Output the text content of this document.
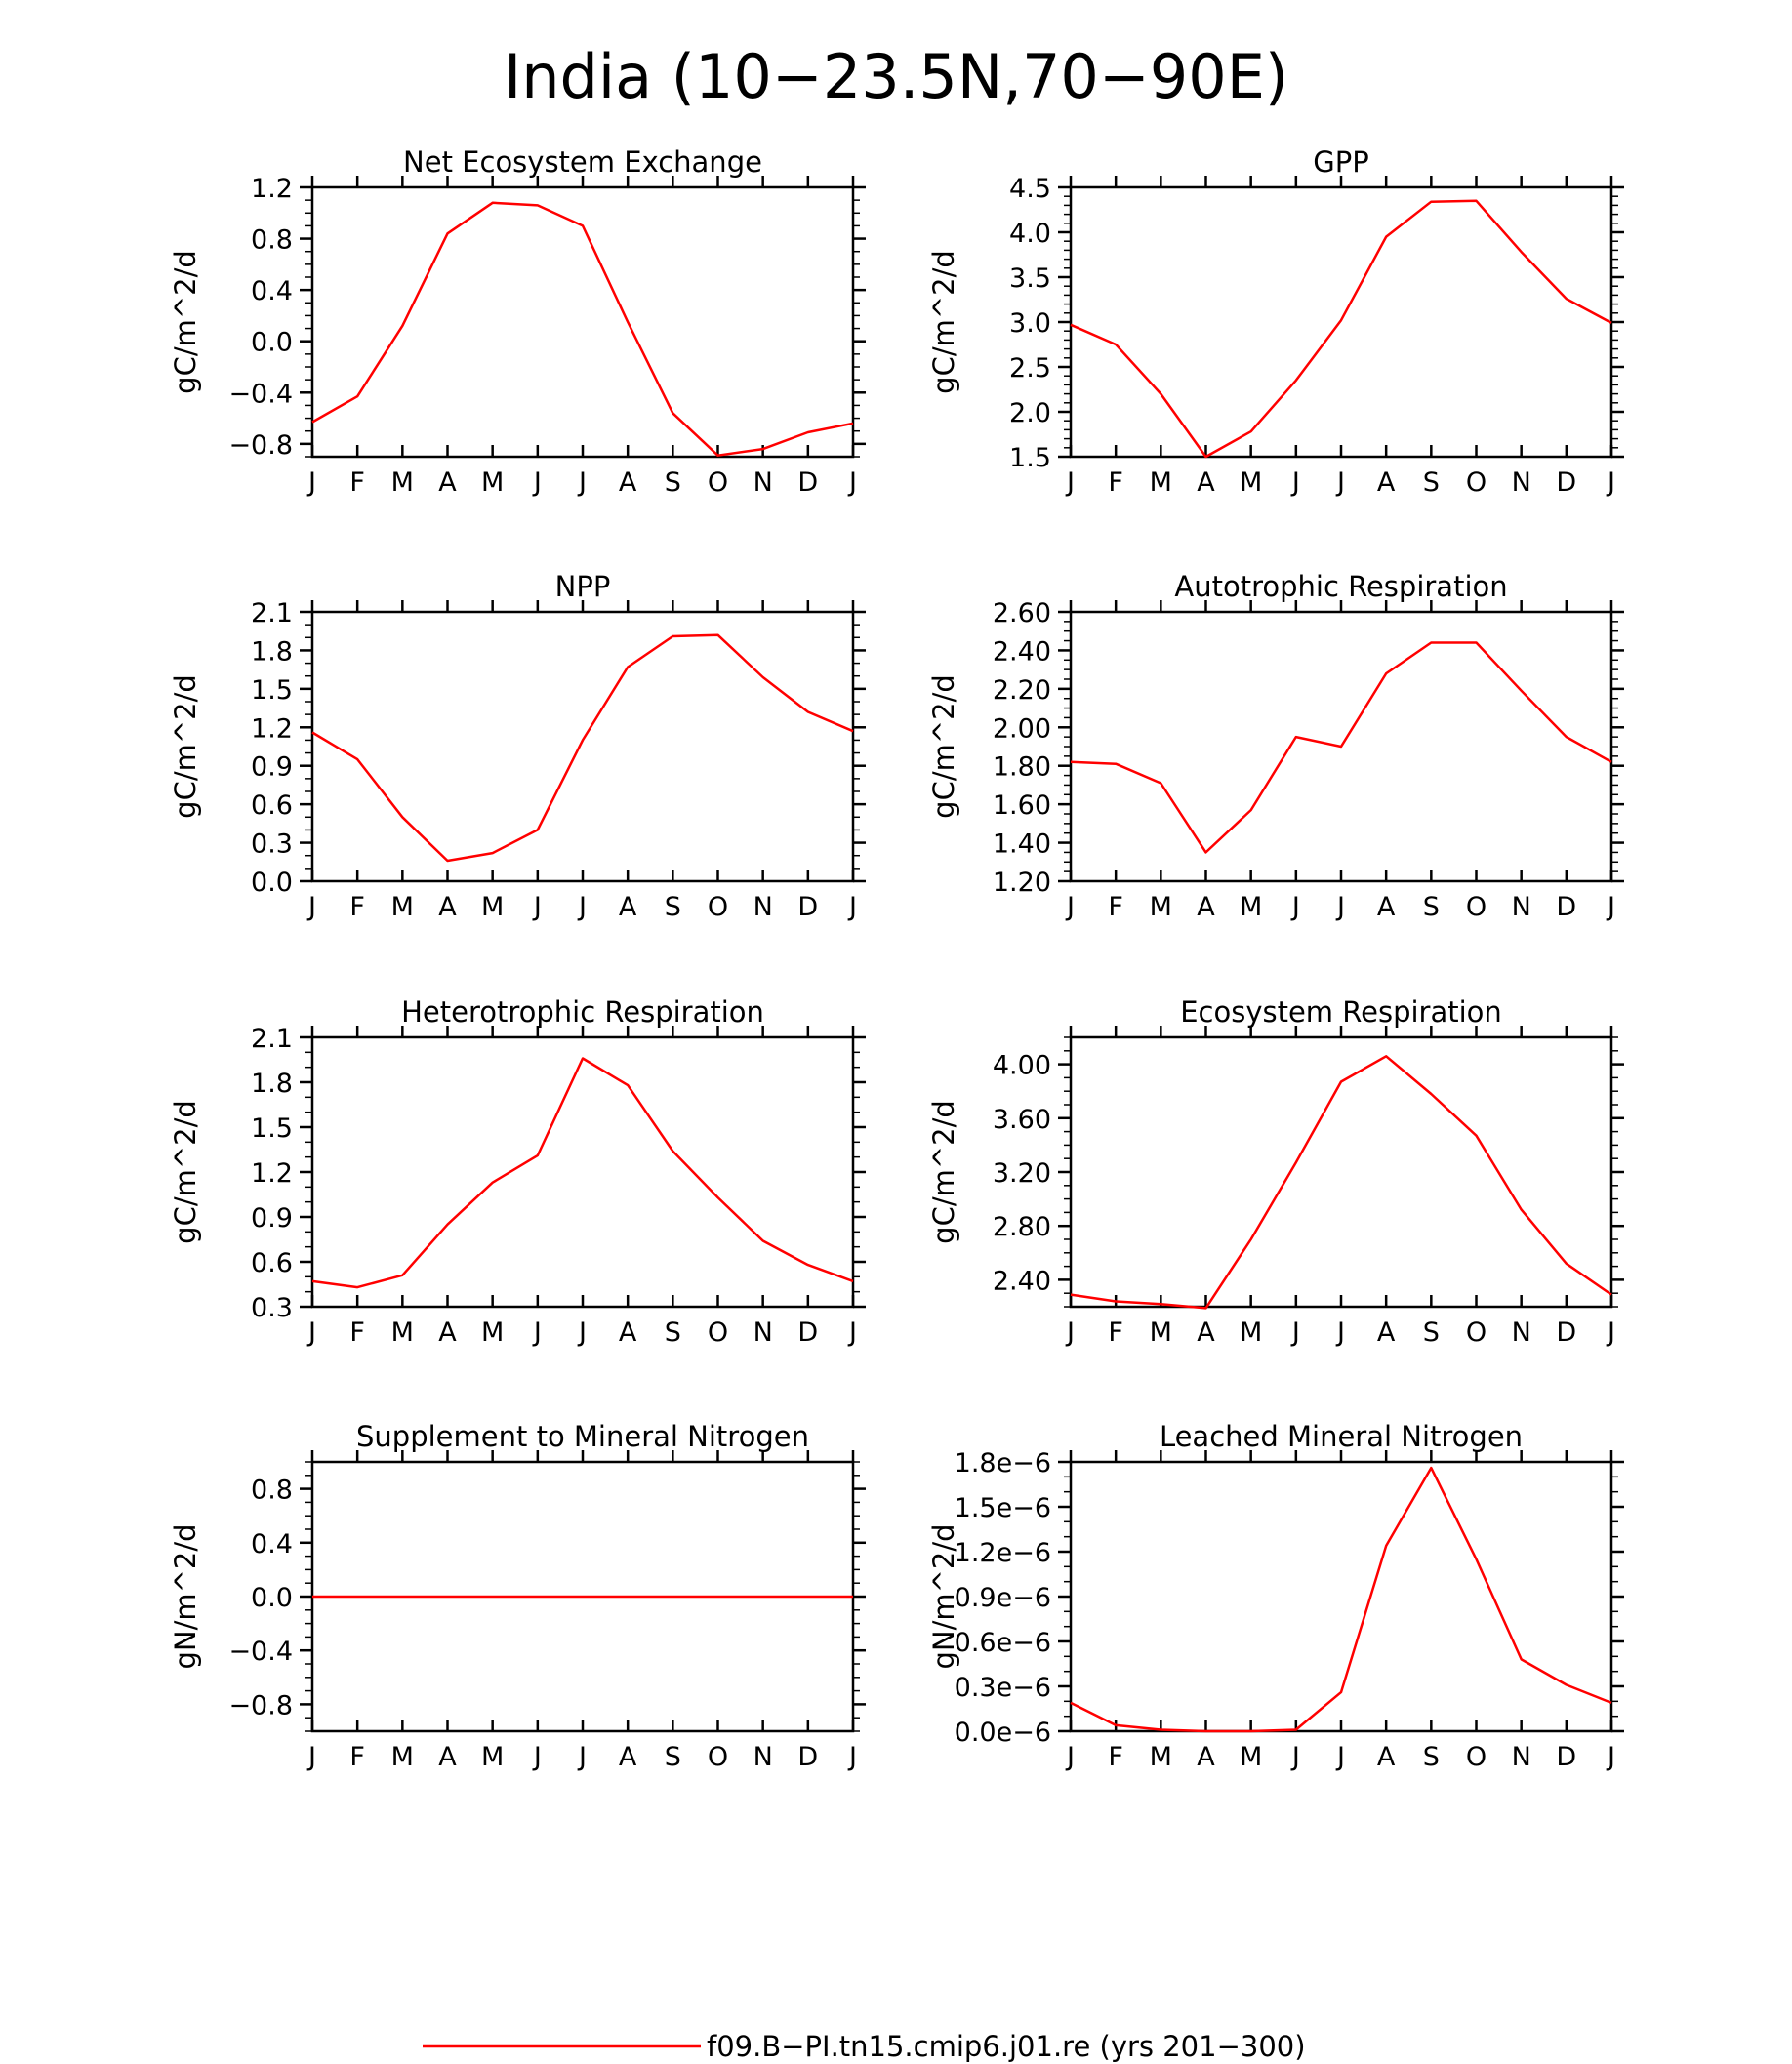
India (10−23.5N,70−90E)
Net Ecosystem Exchange
gC/m^2/d
J F M A M J J A S O N D J
1.2
0.8
0.4
0.0
−0.4
−0.8
GPP
gC/m^2/d
J F M A M J J A S O N D J
4.5
4.0
3.5
3.0
2.5
2.0
1.5
NPP
gC/m^2/d
J F M A M J J A S O N D J
2.1
1.8
1.5
1.2
0.9
0.6
0.3
0.0
Autotrophic Respiration
gC/m^2/d
J F M A M J J A S O N D J
2.60
2.40
2.20
2.00
1.80
1.60
1.40
1.20
Heterotrophic Respiration
gC/m^2/d
J F M A M J J A S O N D J
2.1
1.8
1.5
1.2
0.9
0.6
0.3
Ecosystem Respiration
gC/m^2/d
J F M A M J J A S O N D J
4.00
3.60
3.20
2.80
2.40
Supplement to Mineral Nitrogen
gN/m^2/d
J F M A M J J A S O N D J
0.8
0.4
0.0
−0.4
−0.8
Leached Mineral Nitrogen
gN/m^2/d
J F M A M J J A S O N D J
1.8e−6
1.5e−6
1.2e−6
0.9e−6
0.6e−6
0.3e−6
0.0e−6
f09.B−PI.tn15.cmip6.j01.re (yrs 201−300)
